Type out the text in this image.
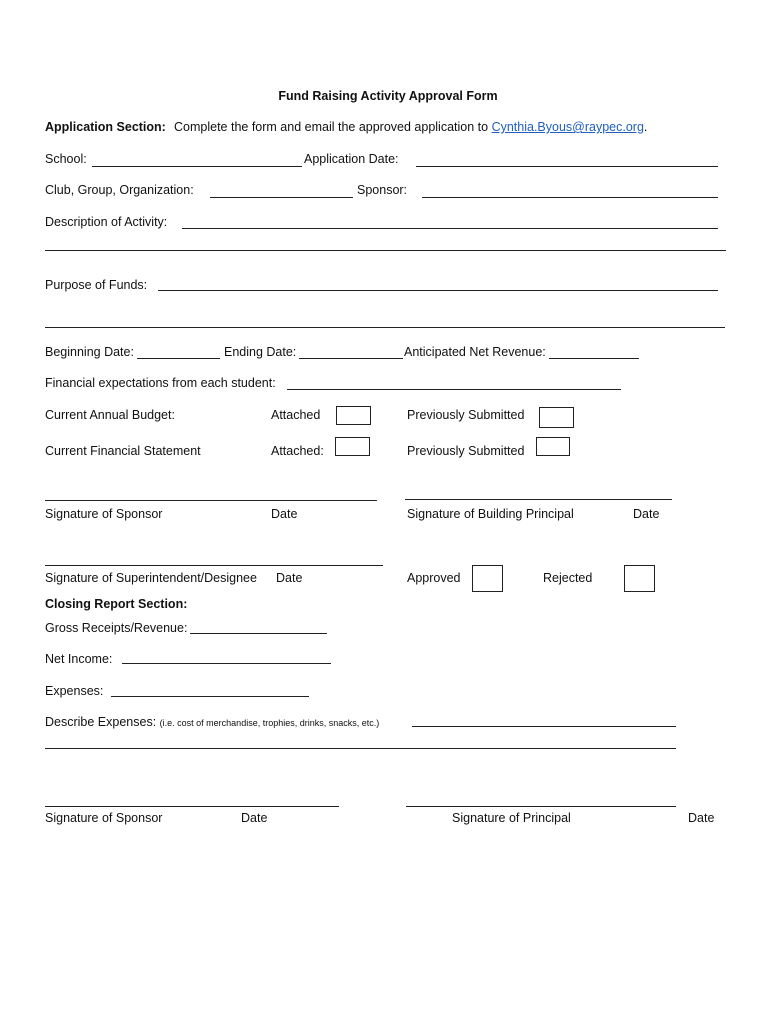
Fund Raising Activity Approval Form
Application Section: Complete the form and email the approved application to Cynthia.Byous@raypec.org.
School:	Application Date:
Club, Group, Organization:	Sponsor:
Description of Activity:
Purpose of Funds:
Beginning Date:	Ending Date:	Anticipated Net Revenue:
Financial expectations from each student:
Current Annual Budget:	Attached	Previously Submitted
Current Financial Statement	Attached:	Previously Submitted
Signature of Sponsor	Date	Signature of Building Principal	Date
Signature of Superintendent/Designee Date	Approved	Rejected
Closing Report Section:
Gross Receipts/Revenue:
Net Income:
Expenses:
Describe Expenses: (i.e. cost of merchandise, trophies, drinks, snacks, etc.)
Signature of Sponsor	Date	Signature of Principal	Date
